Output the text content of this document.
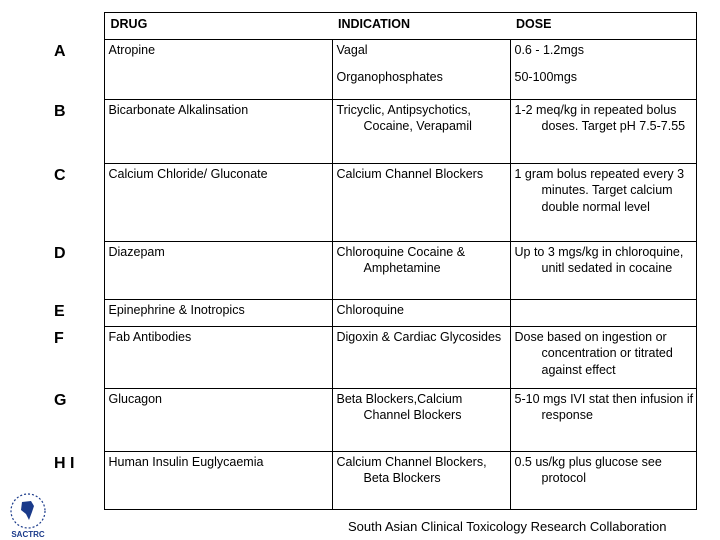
	DRUG	INDICATION	DOSE
A	Atropine	Vagal	0.6 - 1.2mgs
		Organophosphates	50-100mgs
B	Bicarbonate Alkalinsation	Tricyclic, Antipsychotics, Cocaine, Verapamil	1-2 meq/kg in repeated bolus doses. Target pH 7.5-7.55

C	Calcium Chloride/ Gluconate	Calcium Channel Blockers	1 gram bolus repeated every 3 minutes. Target calcium double normal level

D	Diazepam	Chloroquine Cocaine & Amphetamine	Up to 3 mgs/kg in chloroquine, unitl sedated in cocaine

E	Epinephrine & Inotropics	Chloroquine	

F	Fab Antibodies	Digoxin & Cardiac Glycosides	Dose based on ingestion or concentration or titrated against effect

G	Glucagon	Beta Blockers,Calcium Channel Blockers	5-10 mgs IVI stat then infusion if response

H I	Human Insulin Euglycaemia	Calcium Channel Blockers, Beta Blockers	0.5 us/kg plus glucose see protocol
SACTRC
South Asian Clinical Toxicology Research Collaboration
